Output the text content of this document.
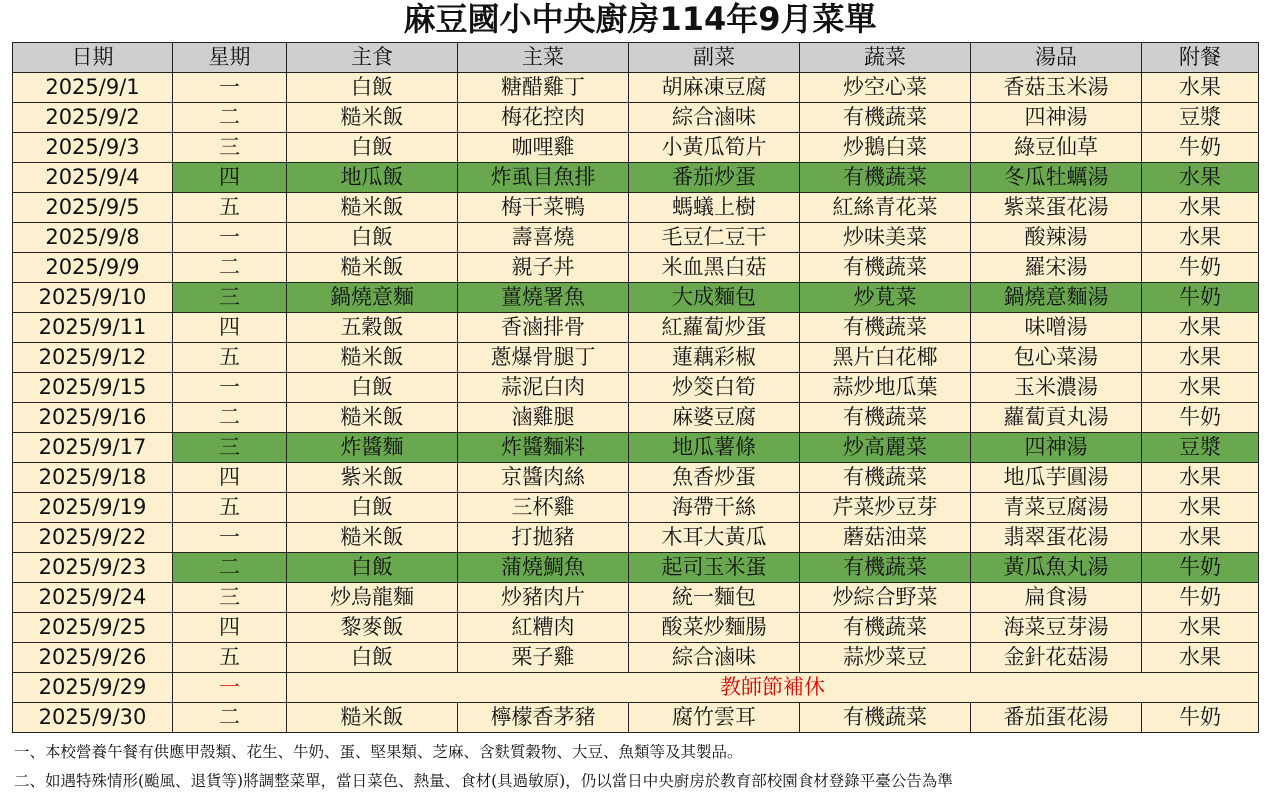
麻豆國小中央廚房114年9月菜單
日期	星期	主食	主菜	副菜	蔬菜	湯品	附餐
2025/9/1	一	白飯	糖醋雞丁	胡麻凍豆腐	炒空心菜	香菇玉米湯	水果
2025/9/2	二	糙米飯	梅花控肉	綜合滷味	有機蔬菜	四神湯	豆漿
2025/9/3	三	白飯	咖哩雞	小黃瓜筍片	炒鵝白菜	綠豆仙草	牛奶
2025/9/4	四	地瓜飯	炸虱目魚排	番茄炒蛋	有機蔬菜	冬瓜牡蠣湯	水果
2025/9/5	五	糙米飯	梅干菜鴨	螞蟻上樹	紅絲青花菜	紫菜蛋花湯	水果
2025/9/8	一	白飯	壽喜燒	毛豆仁豆干	炒味美菜	酸辣湯	水果
2025/9/9	二	糙米飯	親子丼	米血黑白菇	有機蔬菜	羅宋湯	牛奶
2025/9/10	三	鍋燒意麵	薑燒署魚	大成麵包	炒莧菜	鍋燒意麵湯	牛奶
2025/9/11	四	五穀飯	香滷排骨	紅蘿蔔炒蛋	有機蔬菜	味噌湯	水果
2025/9/12	五	糙米飯	蔥爆骨腿丁	蓮藕彩椒	黑片白花椰	包心菜湯	水果
2025/9/15	一	白飯	蒜泥白肉	炒筊白筍	蒜炒地瓜葉	玉米濃湯	水果
2025/9/16	二	糙米飯	滷雞腿	麻婆豆腐	有機蔬菜	蘿蔔貢丸湯	牛奶
2025/9/17	三	炸醬麵	炸醬麵料	地瓜薯條	炒高麗菜	四神湯	豆漿
2025/9/18	四	紫米飯	京醬肉絲	魚香炒蛋	有機蔬菜	地瓜芋圓湯	水果
2025/9/19	五	白飯	三杯雞	海帶干絲	芹菜炒豆芽	青菜豆腐湯	水果
2025/9/22	一	糙米飯	打拋豬	木耳大黃瓜	蘑菇油菜	翡翠蛋花湯	水果
2025/9/23	二	白飯	蒲燒鯛魚	起司玉米蛋	有機蔬菜	黃瓜魚丸湯	牛奶
2025/9/24	三	炒烏龍麵	炒豬肉片	統一麵包	炒綜合野菜	扁食湯	牛奶
2025/9/25	四	黎麥飯	紅糟肉	酸菜炒麵腸	有機蔬菜	海菜豆芽湯	水果
2025/9/26	五	白飯	栗子雞	綜合滷味	蒜炒菜豆	金針花菇湯	水果
2025/9/29	一	教師節補休					
2025/9/30	二	糙米飯	檸檬香茅豬	腐竹雲耳	有機蔬菜	番茄蛋花湯	牛奶
一、本校營養午餐有供應甲殼類、花生、牛奶、蛋、堅果類、芝麻、含麩質穀物、大豆、魚類等及其製品。
二、如遇特殊情形(颱風、退貨等)將調整菜單，當日菜色、熱量、食材(具過敏原)，仍以當日中央廚房於教育部校園食材登錄平臺公告為準
